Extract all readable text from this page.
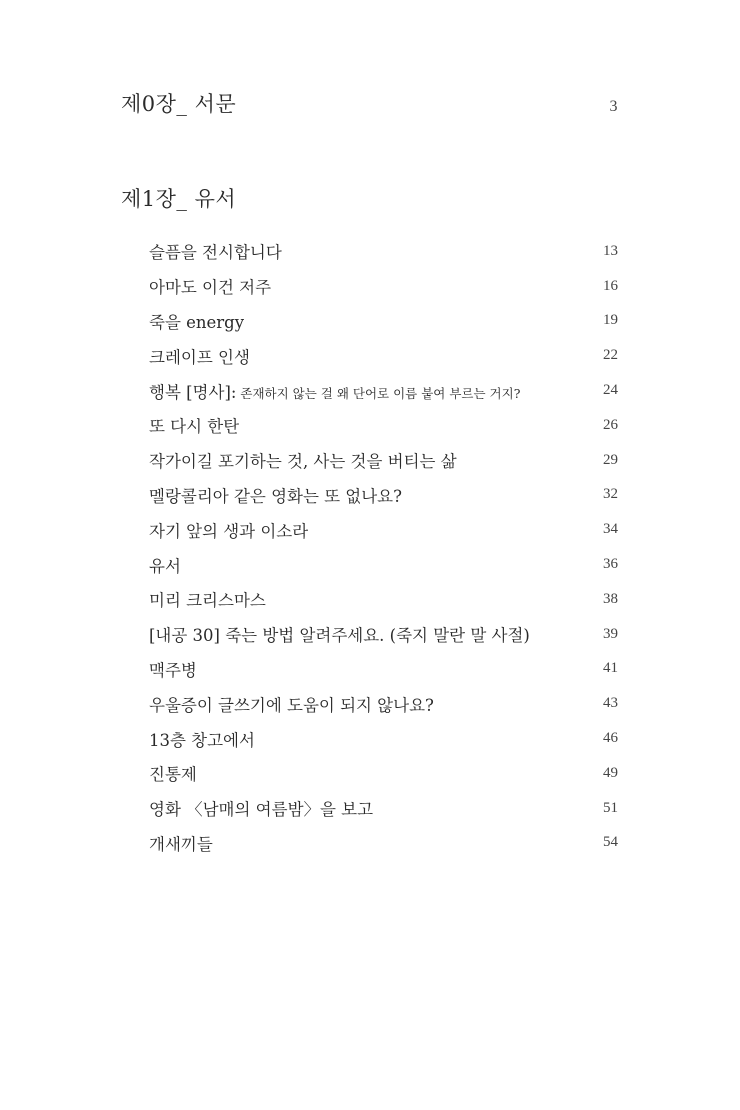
제0장_ 서문	3
제1장_ 유서
슬픔을 전시합니다	13
아마도 이건 저주	16
죽을 energy	19
크레이프 인생	22
행복 [명사]: 존재하지 않는 걸 왜 단어로 이름 붙여 부르는 거지?	24
또 다시 한탄	26
작가이길 포기하는 것, 사는 것을 버티는 삶	29
멜랑콜리아 같은 영화는 또 없나요?	32
자기 앞의 생과 이소라	34
유서	36
미리 크리스마스	38
[내공 30] 죽는 방법 알려주세요. (죽지 말란 말 사절)	39
맥주병	41
우울증이 글쓰기에 도움이 되지 않나요?	43
13층 창고에서	46
진통제	49
영화 〈남매의 여름밤〉을 보고	51
개새끼들	54
